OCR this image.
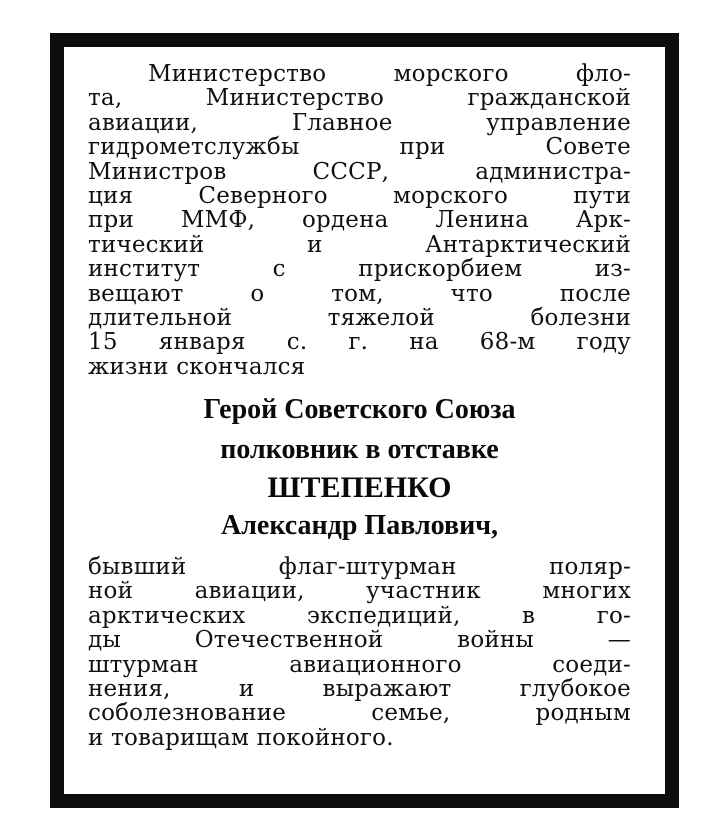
Министерство морского фло-
та, Министерство гражданской
авиации, Главное управление
гидрометслужбы при Совете
Министров СССР, администра-
ция Северного морского пути
при ММФ, ордена Ленина Арк-
тический и Антарктический
институт с прискорбием из-
вещают о том, что после
длительной тяжелой болезни
15 января с. г. на 68-м году
жизни скончался
Герой Советского Союза
полковник в отставке
ШТЕПЕНКО
Александр Павлович,
бывший флаг-штурман поляр-
ной авиации, участник многих
арктических экспедиций, в го-
ды Отечественной войны —
штурман авиационного соеди-
нения, и выражают глубокое
соболезнование семье, родным
и товарищам покойного.
